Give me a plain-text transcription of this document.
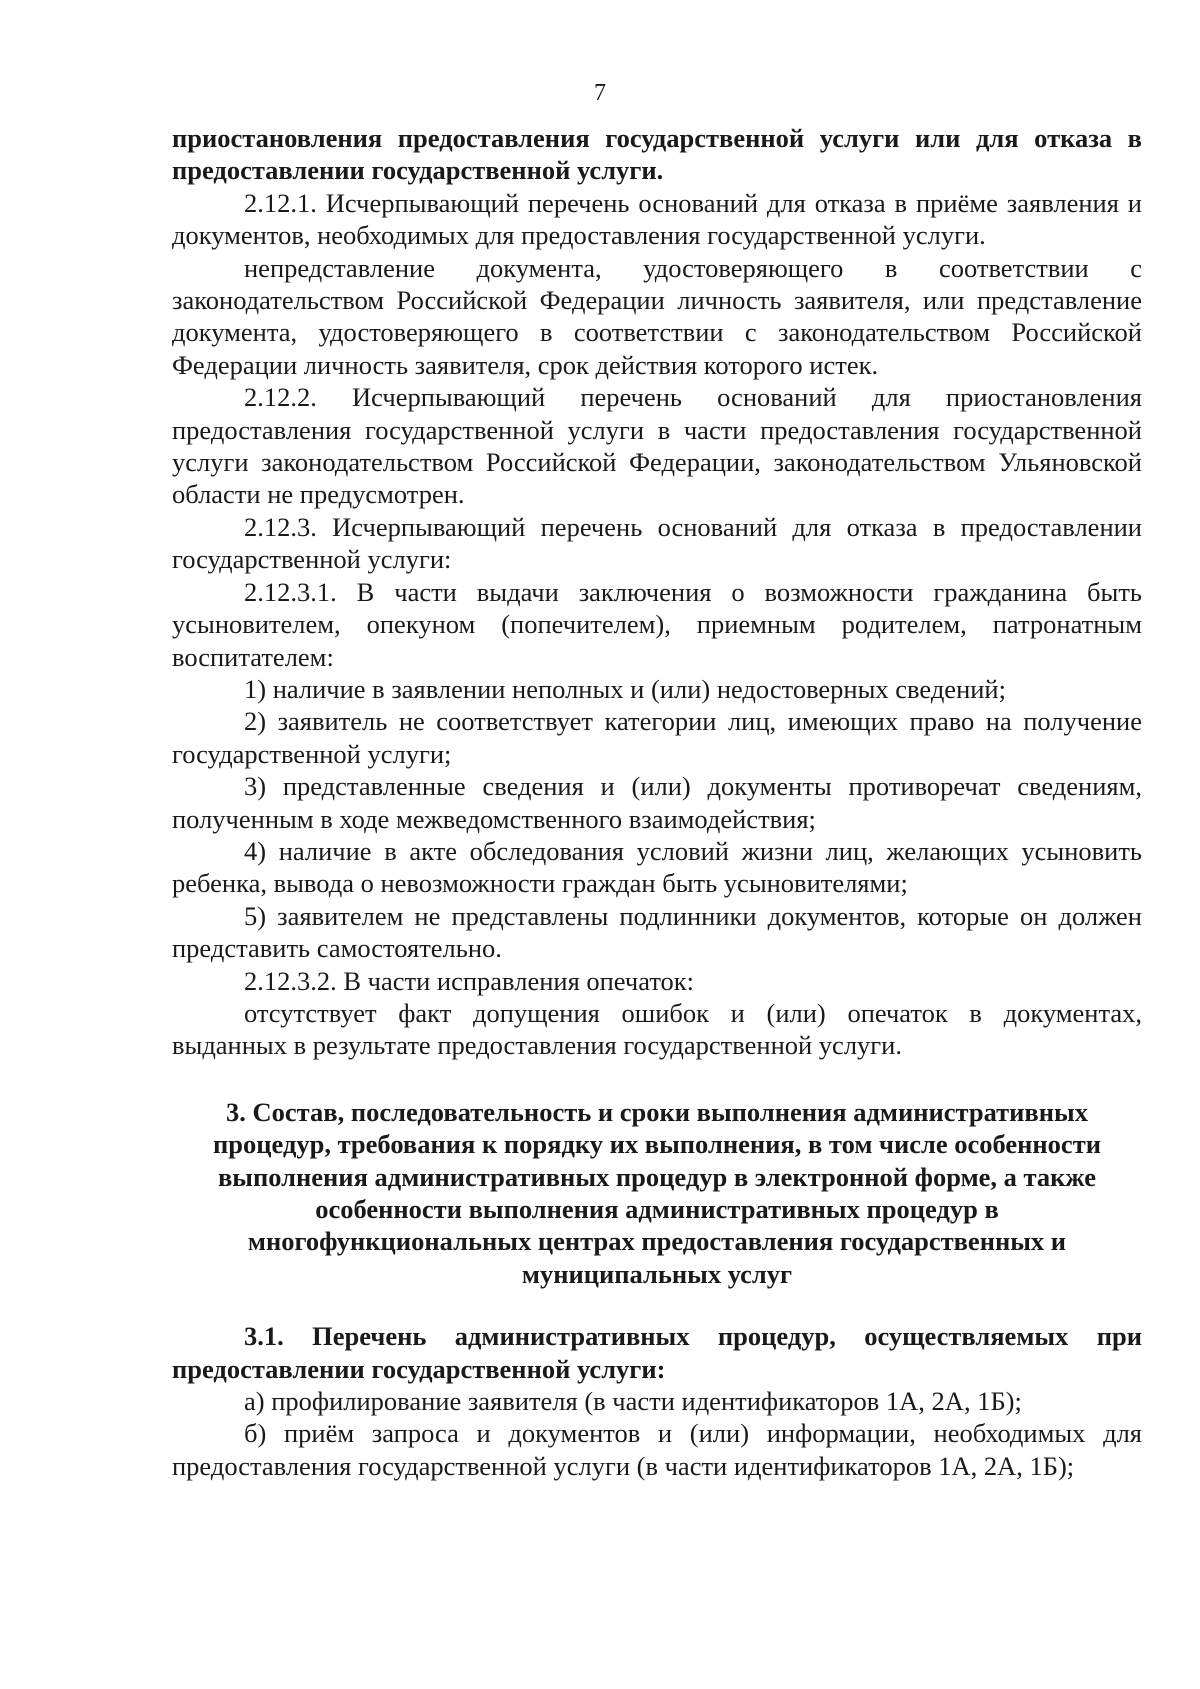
7

приостановления предоставления государственной услуги или для отказа в предоставлении государственной услуги.

2.12.1. Исчерпывающий перечень оснований для отказа в приёме заявления и документов, необходимых для предоставления государственной услуги.

непредставление документа, удостоверяющего в соответствии с законодательством Российской Федерации личность заявителя, или представление документа, удостоверяющего в соответствии с законодательством Российской Федерации личность заявителя, срок действия которого истек.

2.12.2. Исчерпывающий перечень оснований для приостановления предоставления государственной услуги в части предоставления государственной услуги законодательством Российской Федерации, законодательством Ульяновской области не предусмотрен.

2.12.3. Исчерпывающий перечень оснований для отказа в предоставлении государственной услуги:

2.12.3.1. В части выдачи заключения о возможности гражданина быть усыновителем, опекуном (попечителем), приемным родителем, патронатным воспитателем:

1) наличие в заявлении неполных и (или) недостоверных сведений;

2) заявитель не соответствует категории лиц, имеющих право на получение государственной услуги;

3) представленные сведения и (или) документы противоречат сведениям, полученным в ходе межведомственного взаимодействия;

4) наличие в акте обследования условий жизни лиц, желающих усыновить ребенка, вывода о невозможности граждан быть усыновителями;

5) заявителем не представлены подлинники документов, которые он должен представить самостоятельно.

2.12.3.2. В части исправления опечаток:

отсутствует факт допущения ошибок и (или) опечаток в документах, выданных в результате предоставления государственной услуги.

3. Состав, последовательность и сроки выполнения административных процедур, требования к порядку их выполнения, в том числе особенности выполнения административных процедур в электронной форме, а также особенности выполнения административных процедур в многофункциональных центрах предоставления государственных и муниципальных услуг

3.1. Перечень административных процедур, осуществляемых при предоставлении государственной услуги:

а) профилирование заявителя (в части идентификаторов 1А, 2А, 1Б);

б) приём запроса и документов и (или) информации, необходимых для предоставления государственной услуги (в части идентификаторов 1А, 2А, 1Б);
